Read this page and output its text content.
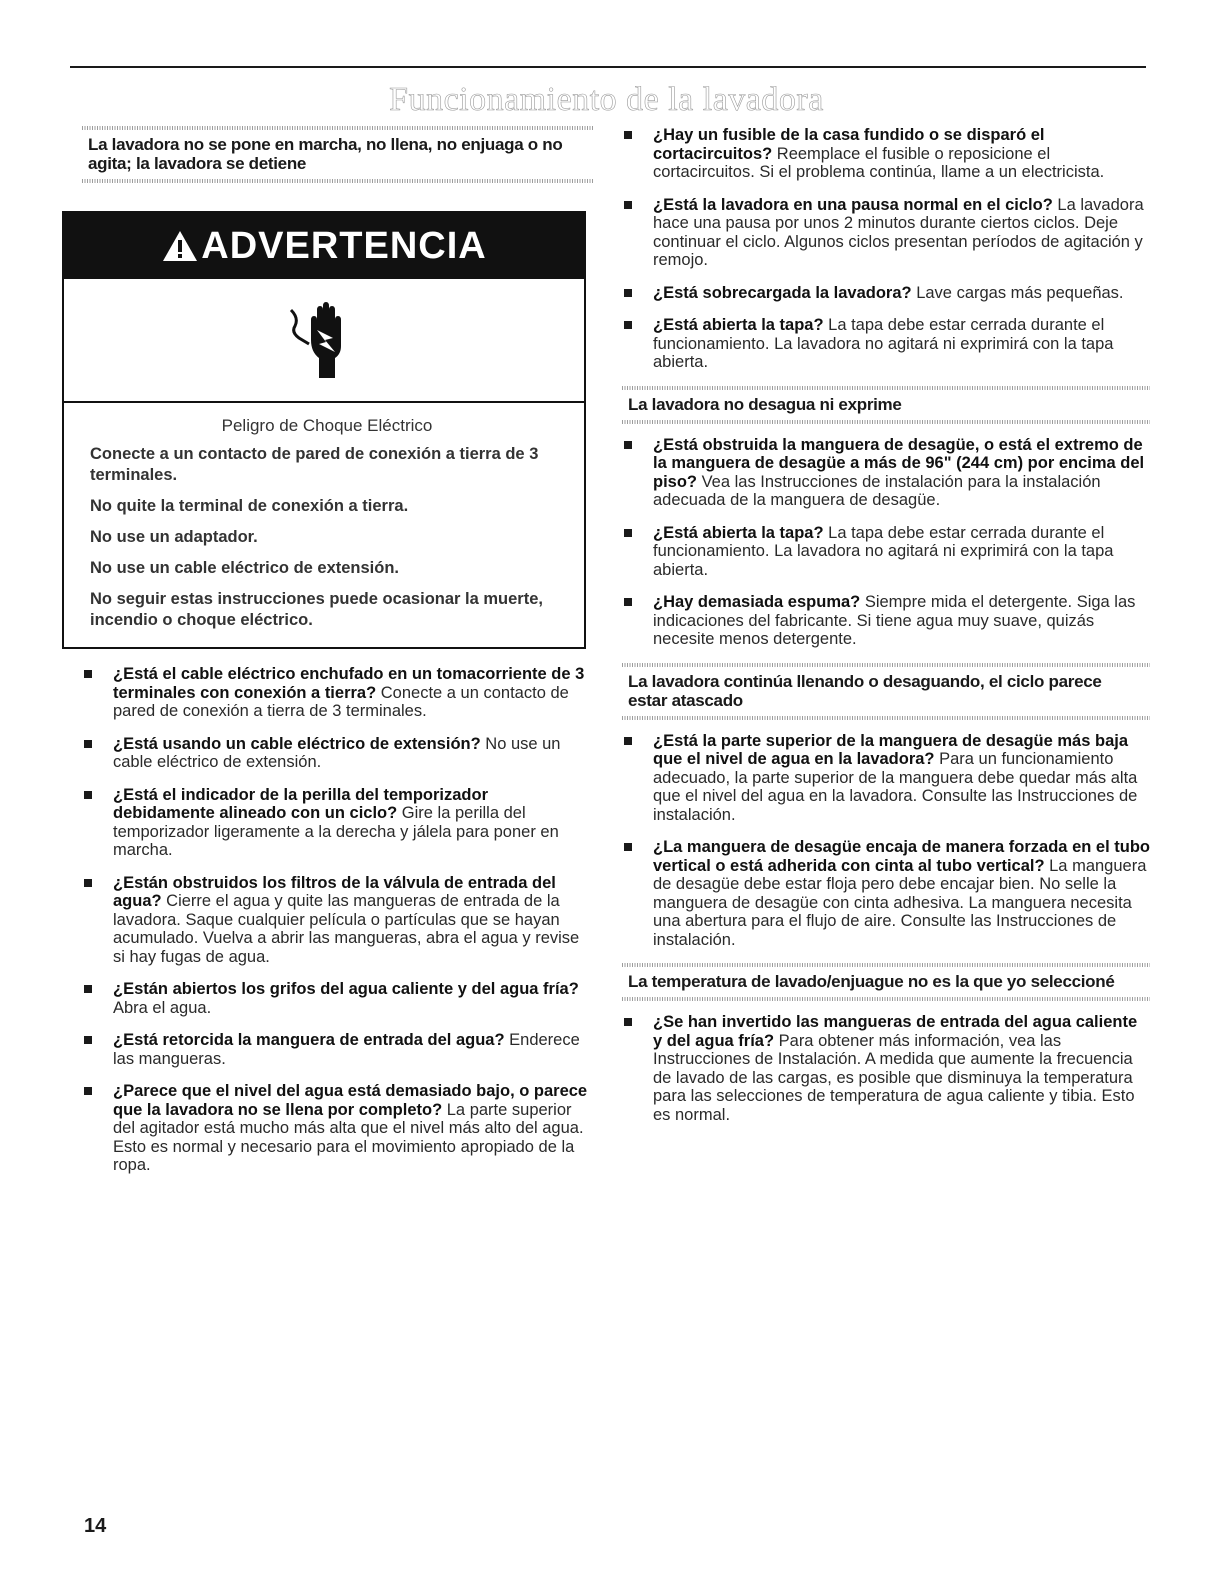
Funcionamiento de la lavadora
La lavadora no se pone en marcha, no llena, no enjuaga o no agita; la lavadora se detiene
ADVERTENCIA
Peligro de Choque Eléctrico

Conecte a un contacto de pared de conexión a tierra de 3 terminales.

No quite la terminal de conexión a tierra.

No use un adaptador.

No use un cable eléctrico de extensión.

No seguir estas instrucciones puede ocasionar la muerte, incendio o choque eléctrico.

¿Está el cable eléctrico enchufado en un tomacorriente de 3 terminales con conexión a tierra? Conecte a un contacto de pared de conexión a tierra de 3 terminales.
¿Está usando un cable eléctrico de extensión? No use un cable eléctrico de extensión.
¿Está el indicador de la perilla del temporizador debidamente alineado con un ciclo? Gire la perilla del temporizador ligeramente a la derecha y jálela para poner en marcha.
¿Están obstruidos los filtros de la válvula de entrada del agua? Cierre el agua y quite las mangueras de entrada de la lavadora. Saque cualquier película o partículas que se hayan acumulado. Vuelva a abrir las mangueras, abra el agua y revise si hay fugas de agua.
¿Están abiertos los grifos del agua caliente y del agua fría? Abra el agua.
¿Está retorcida la manguera de entrada del agua? Enderece las mangueras.
¿Parece que el nivel del agua está demasiado bajo, o parece que la lavadora no se llena por completo? La parte superior del agitador está mucho más alta que el nivel más alto del agua. Esto es normal y necesario para el movimiento apropiado de la ropa.
¿Hay un fusible de la casa fundido o se disparó el cortacircuitos? Reemplace el fusible o reposicione el cortacircuitos. Si el problema continúa, llame a un electricista.
¿Está la lavadora en una pausa normal en el ciclo? La lavadora hace una pausa por unos 2 minutos durante ciertos ciclos. Deje continuar el ciclo. Algunos ciclos presentan períodos de agitación y remojo.
¿Está sobrecargada la lavadora? Lave cargas más pequeñas.
¿Está abierta la tapa? La tapa debe estar cerrada durante el funcionamiento. La lavadora no agitará ni exprimirá con la tapa abierta.
La lavadora no desagua ni exprime
¿Está obstruida la manguera de desagüe, o está el extremo de la manguera de desagüe a más de 96" (244 cm) por encima del piso? Vea las Instrucciones de instalación para la instalación adecuada de la manguera de desagüe.
¿Está abierta la tapa? La tapa debe estar cerrada durante el funcionamiento. La lavadora no agitará ni exprimirá con la tapa abierta.
¿Hay demasiada espuma? Siempre mida el detergente. Siga las indicaciones del fabricante. Si tiene agua muy suave, quizás necesite menos detergente.
La lavadora continúa llenando o desaguando, el ciclo parece estar atascado
¿Está la parte superior de la manguera de desagüe más baja que el nivel de agua en la lavadora? Para un funcionamiento adecuado, la parte superior de la manguera debe quedar más alta que el nivel del agua en la lavadora. Consulte las Instrucciones de instalación.
¿La manguera de desagüe encaja de manera forzada en el tubo vertical o está adherida con cinta al tubo vertical? La manguera de desagüe debe estar floja pero debe encajar bien. No selle la manguera de desagüe con cinta adhesiva. La manguera necesita una abertura para el flujo de aire. Consulte las Instrucciones de instalación.
La temperatura de lavado/enjuague no es la que yo seleccioné
¿Se han invertido las mangueras de entrada del agua caliente y del agua fría? Para obtener más información, vea las Instrucciones de Instalación. A medida que aumente la frecuencia de lavado de las cargas, es posible que disminuya la temperatura para las selecciones de temperatura de agua caliente y tibia. Esto es normal.
14
